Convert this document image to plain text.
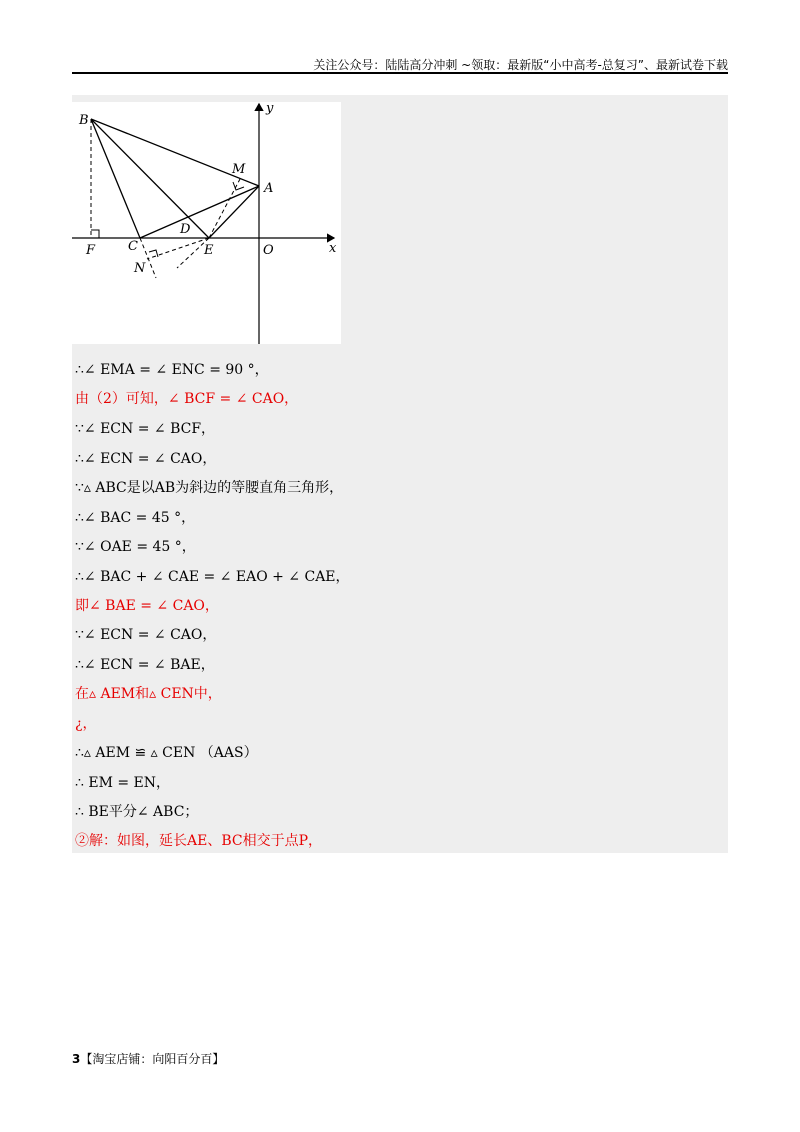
关注公众号：陆陆高分冲刺 ~领取：最新版“小中高考-总复习”、最新试卷下载
B
M
A
D
F	C	E	O
N
x
y
∴∠ EMA = ∠ ENC = 90 °，
由（2）可知，∠ BCF = ∠ CAO，
∵∠ ECN = ∠ BCF，
∴∠ ECN = ∠ CAO，
∵▵ ABC是以AB为斜边的等腰直角三角形，
∴∠ BAC = 45 °，
∵∠ OAE = 45 °，
∴∠ BAC + ∠ CAE = ∠ EAO + ∠ CAE，
即∠ BAE = ∠ CAO，
∵∠ ECN = ∠ CAO，
∴∠ ECN = ∠ BAE，
在▵ AEM和▵ CEN中，
¿，
∴▵ AEM ≌ ▵ CEN （AAS）
∴ EM = EN，
∴ BE平分∠ ABC；
②解：如图，延长AE、BC相交于点P，
3【淘宝店铺：向阳百分百】
